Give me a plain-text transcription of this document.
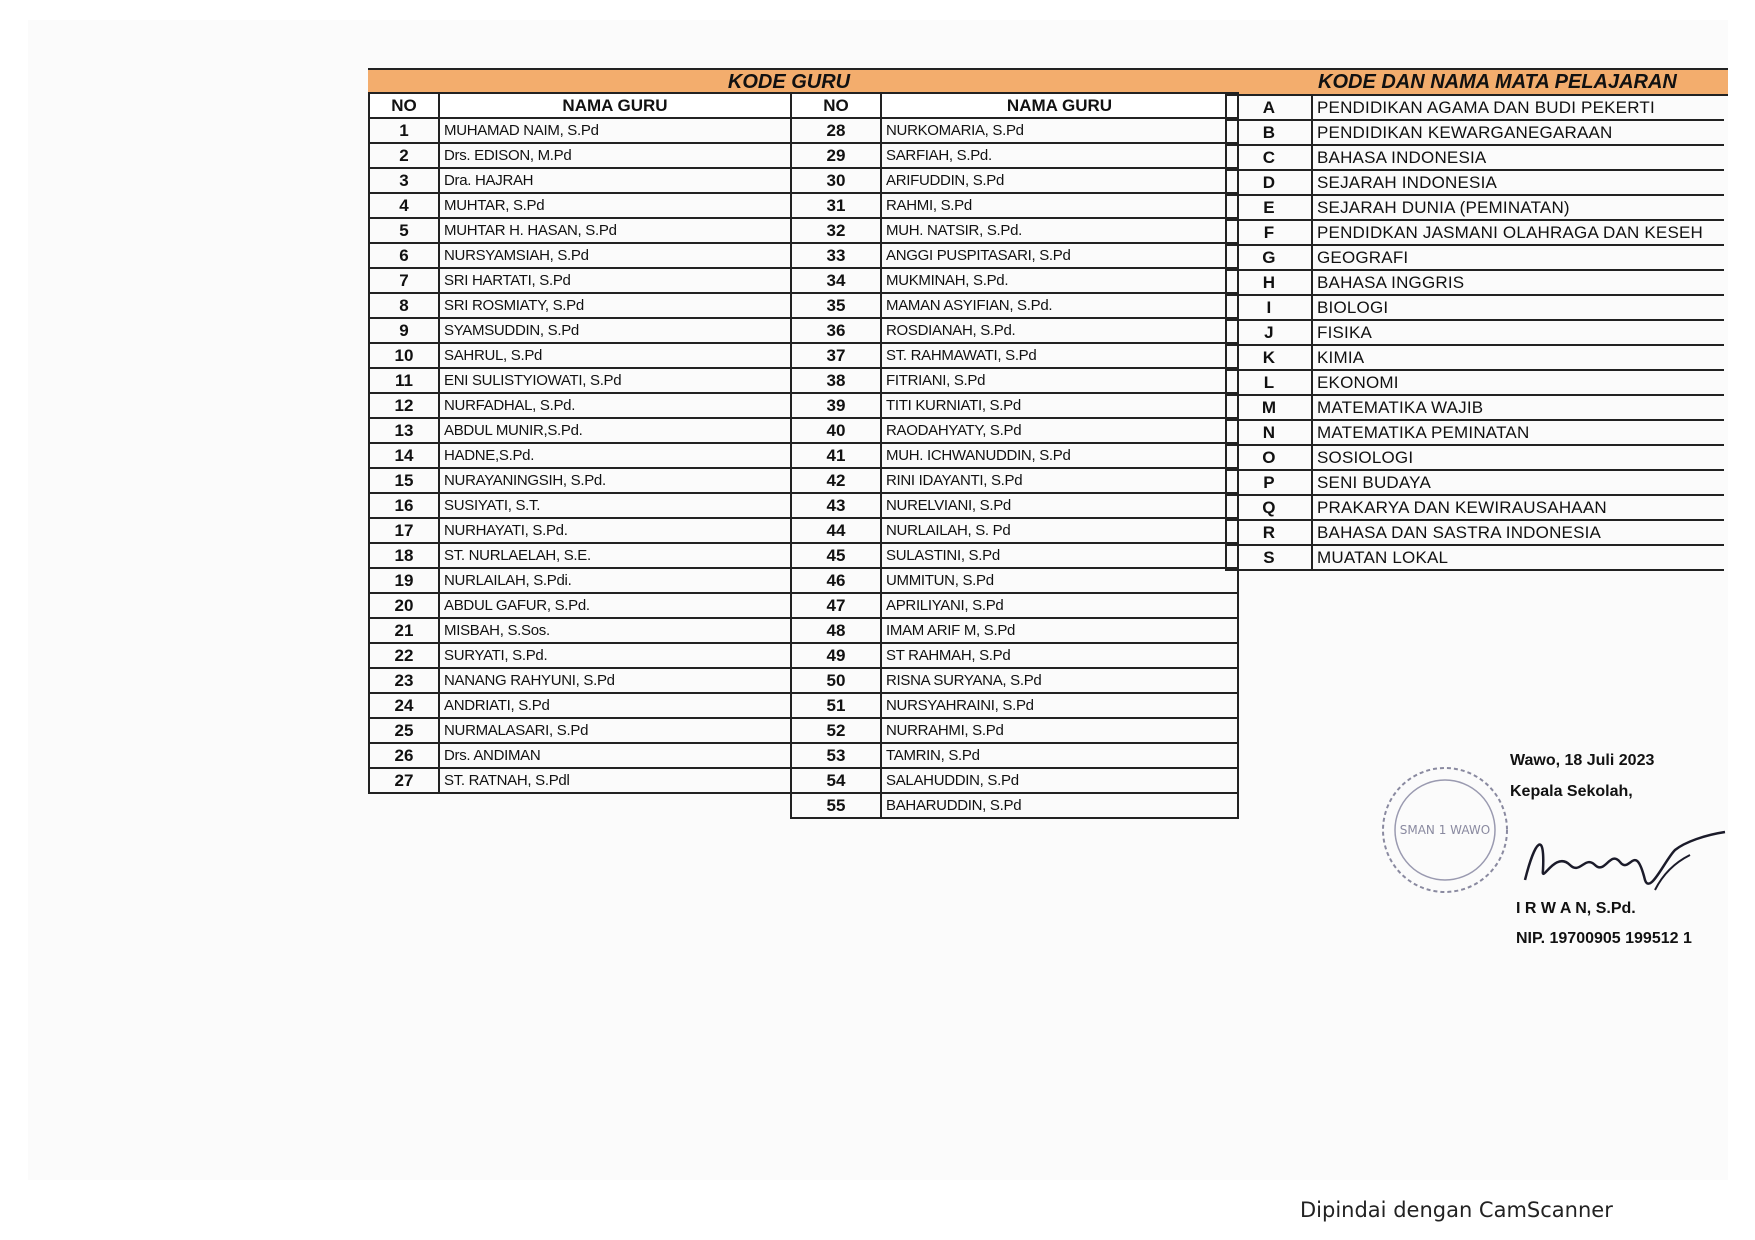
KODE GURU	KODE DAN NAMA MATA PELAJARAN
NO	NAMA GURU
1	MUHAMAD NAIM, S.Pd
2	Drs. EDISON, M.Pd
3	Dra. HAJRAH
4	MUHTAR, S.Pd
5	MUHTAR H. HASAN, S.Pd
6	NURSYAMSIAH, S.Pd
7	SRI HARTATI, S.Pd
8	SRI ROSMIATY, S.Pd
9	SYAMSUDDIN, S.Pd
10	SAHRUL, S.Pd
11	ENI SULISTYIOWATI, S.Pd
12	NURFADHAL, S.Pd.
13	ABDUL MUNIR,S.Pd.
14	HADNE,S.Pd.
15	NURAYANINGSIH, S.Pd.
16	SUSIYATI, S.T.
17	NURHAYATI, S.Pd.
18	ST. NURLAELAH, S.E.
19	NURLAILAH, S.Pdi.
20	ABDUL GAFUR, S.Pd.
21	MISBAH, S.Sos.
22	SURYATI, S.Pd.
23	NANANG RAHYUNI, S.Pd
24	ANDRIATI, S.Pd
25	NURMALASARI, S.Pd
26	Drs. ANDIMAN
27	ST. RATNAH, S.Pdl
NO	NAMA GURU
28	NURKOMARIA, S.Pd
29	SARFIAH, S.Pd.
30	ARIFUDDIN, S.Pd
31	RAHMI, S.Pd
32	MUH. NATSIR, S.Pd.
33	ANGGI PUSPITASARI, S.Pd
34	MUKMINAH, S.Pd.
35	MAMAN ASYIFIAN, S.Pd.
36	ROSDIANAH, S.Pd.
37	ST. RAHMAWATI, S.Pd
38	FITRIANI, S.Pd
39	TITI KURNIATI, S.Pd
40	RAODAHYATY, S.Pd
41	MUH. ICHWANUDDIN, S.Pd
42	RINI IDAYANTI, S.Pd
43	NURELVIANI, S.Pd
44	NURLAILAH, S. Pd
45	SULASTINI, S.Pd
46	UMMITUN, S.Pd
47	APRILIYANI, S.Pd
48	IMAM ARIF M, S.Pd
49	ST RAHMAH, S.Pd
50	RISNA SURYANA, S.Pd
51	NURSYAHRAINI, S.Pd
52	NURRAHMI, S.Pd
53	TAMRIN, S.Pd
54	SALAHUDDIN, S.Pd
55	BAHARUDDIN, S.Pd
A	PENDIDIKAN AGAMA DAN BUDI PEKERTI
B	PENDIDIKAN KEWARGANEGARAAN
C	BAHASA INDONESIA
D	SEJARAH INDONESIA
E	SEJARAH DUNIA (PEMINATAN)
F	PENDIDKAN JASMANI OLAHRAGA DAN KESEH
G	GEOGRAFI
H	BAHASA INGGRIS
I	BIOLOGI
J	FISIKA
K	KIMIA
L	EKONOMI
M	MATEMATIKA WAJIB
N	MATEMATIKA PEMINATAN
O	SOSIOLOGI
P	SENI BUDAYA
Q	PRAKARYA DAN KEWIRAUSAHAAN
R	BAHASA DAN SASTRA INDONESIA
S	MUATAN LOKAL
Wawo, 18 Juli 2023
Kepala Sekolah,
I R W A N, S.Pd.
NIP. 19700905 199512 1
SMAN 1 WAWO
Dipindai dengan CamScanner
